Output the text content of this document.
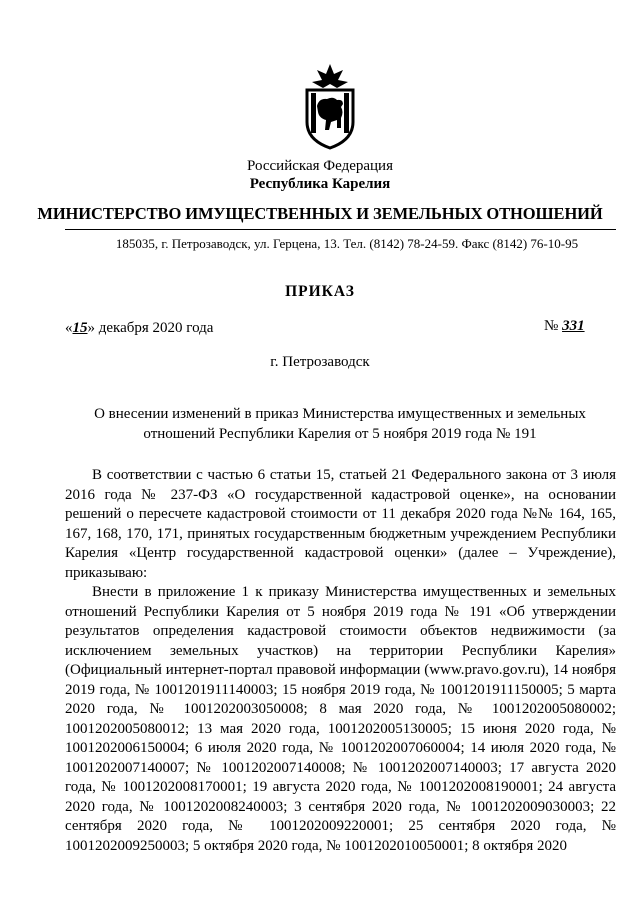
Российская Федерация
Республика Карелия
МИНИСТЕРСТВО ИМУЩЕСТВЕННЫХ И ЗЕМЕЛЬНЫХ ОТНОШЕНИЙ
185035, г. Петрозаводск, ул. Герцена, 13. Тел. (8142) 78-24-59. Факс (8142) 76-10-95
ПРИКАЗ
«15» декабря 2020 года	№ 331
г. Петрозаводск
О внесении изменений в приказ Министерства имущественных и земельных отношений Республики Карелия от 5 ноября 2019 года № 191

В соответствии с частью 6 статьи 15, статьей 21 Федерального закона от 3 июля 2016 года № 237-ФЗ «О государственной кадастровой оценке», на основании решений о пересчете кадастровой стоимости от 11 декабря 2020 года №№ 164, 165, 167, 168, 170, 171, принятых государственным бюджетным учреждением Республики Карелия «Центр государственной кадастровой оценки» (далее – Учреждение), приказываю:

Внести в приложение 1 к приказу Министерства имущественных и земельных отношений Республики Карелия от 5 ноября 2019 года № 191 «Об утверждении результатов определения кадастровой стоимости объектов недвижимости (за исключением земельных участков) на территории Республики Карелия» (Официальный интернет-портал правовой информации (www.pravo.gov.ru), 14 ноября 2019 года, № 1001201911140003; 15 ноября 2019 года, № 1001201911150005; 5 марта 2020 года, № 1001202003050008; 8 мая 2020 года, № 1001202005080002; 1001202005080012; 13 мая 2020 года, 1001202005130005; 15 июня 2020 года, № 1001202006150004; 6 июля 2020 года, № 1001202007060004; 14 июля 2020 года, № 1001202007140007; № 1001202007140008; № 1001202007140003; 17 августа 2020 года, № 1001202008170001; 19 августа 2020 года, № 1001202008190001; 24 августа 2020 года, № 1001202008240003; 3 сентября 2020 года, № 1001202009030003; 22 сентября 2020 года, № 1001202009220001; 25 сентября 2020 года, № 1001202009250003; 5 октября 2020 года, № 1001202010050001; 8 октября 2020
